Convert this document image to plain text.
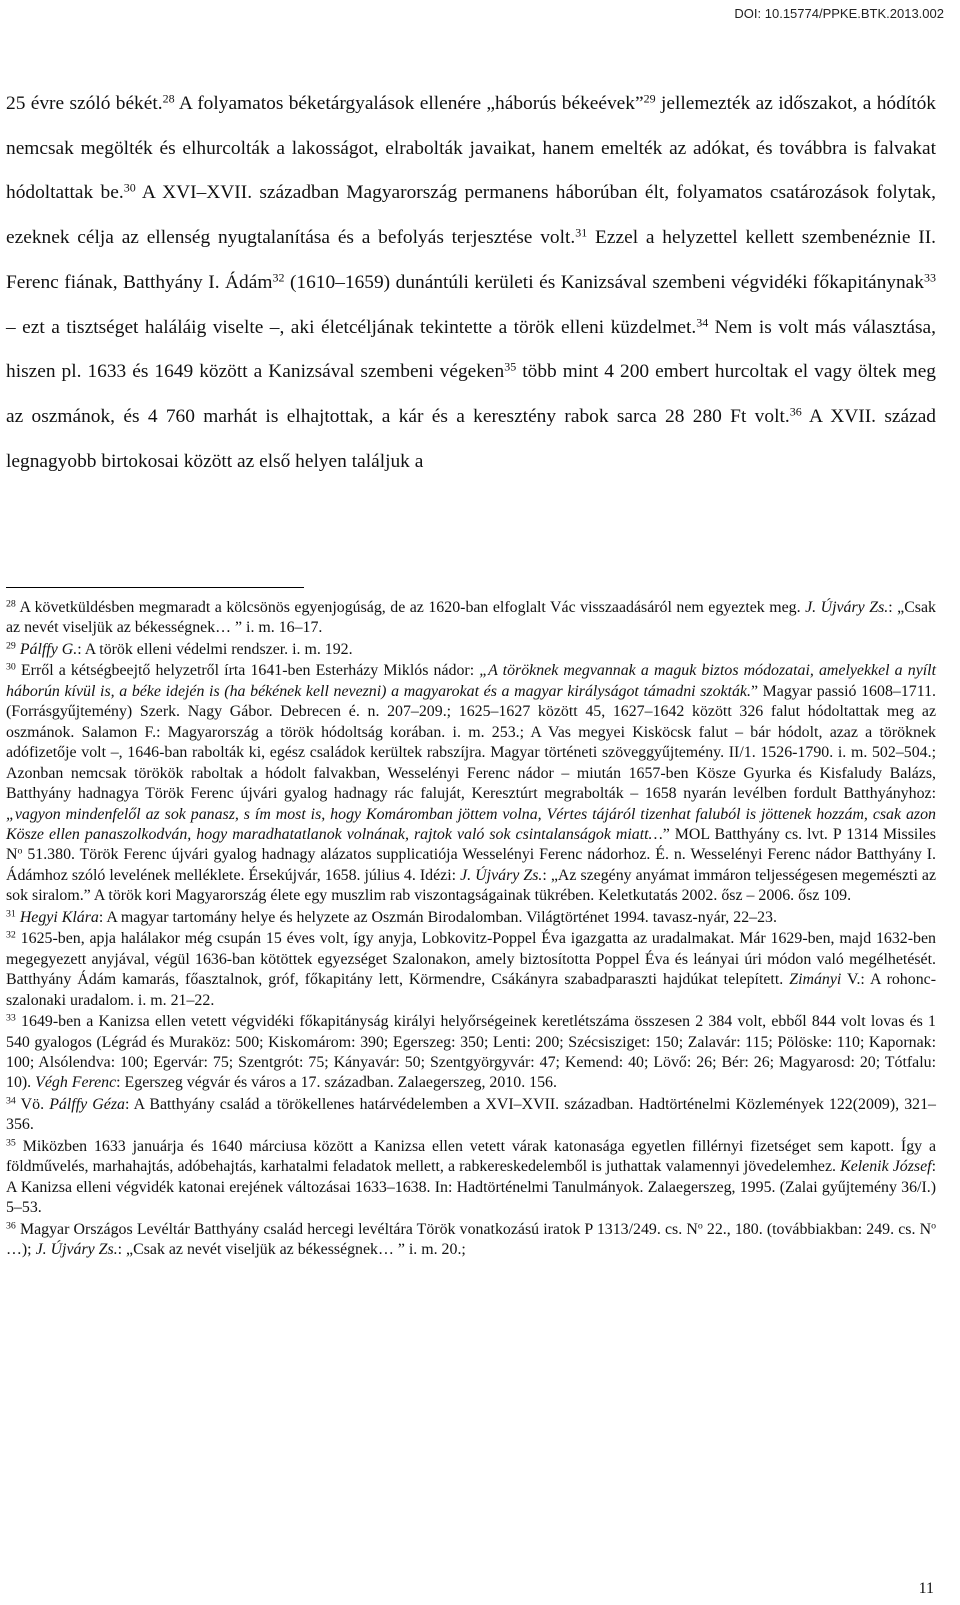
DOI: 10.15774/PPKE.BTK.2013.002
25 évre szóló békét.$^{28}$ A folyamatos béketárgyalások ellenére „háborús békeévek”$^{29}$ jellemezték az időszakot, a hódítók nemcsak megölték és elhurcolták a lakosságot, elrabolták javaikat, hanem emelték az adókat, és továbbra is falvakat hódoltattak be.$^{30}$ A XVI–XVII. században Magyarország permanens háborúban élt, folyamatos csatározások folytak, ezeknek célja az ellenség nyugtalanítása és a befolyás terjesztése volt.$^{31}$ Ezzel a helyzettel kellett szembenéznie II. Ferenc fiának, Batthyány I. Ádám$^{32}$ (1610–1659) dunántúli kerületi és Kanizsával szembeni végvidéki főkapitánynak$^{33}$ – ezt a tisztséget haláláig viselte –, aki életcéljának tekintette a török elleni küzdelmet.$^{34}$ Nem is volt más választása, hiszen pl. 1633 és 1649 között a Kanizsával szembeni végeken$^{35}$ több mint 4 200 embert hurcoltak el vagy öltek meg az oszmánok, és 4 760 marhát is elhajtottak, a kár és a keresztény rabok sarca 28 280 Ft volt.$^{36}$ A XVII. század legnagyobb birtokosai között az első helyen találjuk a

$^{28}$ A követküldésben megmaradt a kölcsönös egyenjogúság, de az 1620-ban elfoglalt Vác visszaadásáról nem egyeztek meg. J. Újváry Zs.: „Csak az nevét viseljük az békességnek… ” i. m. 16–17.

$^{29}$ Pálffy G.: A török elleni védelmi rendszer. i. m. 192.

$^{30}$ Erről a kétségbeejtő helyzetről írta 1641-ben Esterházy Miklós nádor: „A töröknek megvannak a maguk biztos módozatai, amelyekkel a nyílt háborún kívül is, a béke idején is (ha békének kell nevezni) a magyarokat és a magyar királyságot támadni szokták.” Magyar passió 1608–1711. (Forrásgyűjtemény) Szerk. Nagy Gábor. Debrecen é. n. 207–209.; 1625–1627 között 45, 1627–1642 között 326 falut hódoltattak meg az oszmánok. Salamon F.: Magyarország a török hódoltság korában. i. m. 253.; A Vas megyei Kisköcsk falut – bár hódolt, azaz a töröknek adófizetője volt –, 1646-ban rabolták ki, egész családok kerültek rabszíjra. Magyar történeti szöveggyűjtemény. II/1. 1526-1790. i. m. 502–504.; Azonban nemcsak törökök raboltak a hódolt falvakban, Wesselényi Ferenc nádor – miután 1657-ben Kösze Gyurka és Kisfaludy Balázs, Batthyány hadnagya Török Ferenc újvári gyalog hadnagy rác faluját, Keresztúrt megrabolták – 1658 nyarán levélben fordult Batthyányhoz: „vagyon mindenfelől az sok panasz, s ím most is, hogy Komáromban jöttem volna, Vértes tájáról tizenhat faluból is jöttenek hozzám, csak azon Kösze ellen panaszolkodván, hogy maradhatatlanok volnának, rajtok való sok csintalanságok miatt…” MOL Batthyány cs. lvt. P 1314 Missiles $N^o$ 51.380. Török Ferenc újvári gyalog hadnagy alázatos supplicatiója Wesselényi Ferenc nádorhoz. É. n. Wesselényi Ferenc nádor Batthyány I. Ádámhoz szóló levelének melléklete. Érsekújvár, 1658. július 4. Idézi: J. Újváry Zs.: „Az szegény anyámat immáron teljességesen megemészti az sok siralom.” A török kori Magyarország élete egy muszlim rab viszontagságainak tükrében. Keletkutatás 2002. ősz – 2006. ősz 109.

$^{31}$ Hegyi Klára: A magyar tartomány helye és helyzete az Oszmán Birodalomban. Világtörténet 1994. tavasz-nyár, 22–23.

$^{32}$ 1625-ben, apja halálakor még csupán 15 éves volt, így anyja, Lobkovitz-Poppel Éva igazgatta az uradalmakat. Már 1629-ben, majd 1632-ben megegyezett anyjával, végül 1636-ban kötöttek egyezséget Szalonakon, amely biztosította Poppel Éva és leányai úri módon való megélhetését. Batthyány Ádám kamarás, főasztalnok, gróf, főkapitány lett, Körmendre, Csákányra szabadparaszti hajdúkat telepített. Zimányi V.: A rohonc-szalonaki uradalom. i. m. 21–22.

$^{33}$ 1649-ben a Kanizsa ellen vetett végvidéki főkapitányság királyi helyőrségeinek keretlétszáma összesen 2 384 volt, ebből 844 volt lovas és 1 540 gyalogos (Légrád és Muraköz: 500; Kiskomárom: 390; Egerszeg: 350; Lenti: 200; Szécsisziget: 150; Zalavár: 115; Pölöske: 110; Kapornak: 100; Alsólendva: 100; Egervár: 75; Szentgrót: 75; Kányavár: 50; Szentgyörgyvár: 47; Kemend: 40; Lövő: 26; Bér: 26; Magyarosd: 20; Tótfalu: 10). Végh Ferenc: Egerszeg végvár és város a 17. században. Zalaegerszeg, 2010. 156.

$^{34}$ Vö. Pálffy Géza: A Batthyány család a törökellenes határvédelemben a XVI–XVII. században. Hadtörténelmi Közlemények 122(2009), 321–356.

$^{35}$ Miközben 1633 januárja és 1640 márciusa között a Kanizsa ellen vetett várak katonasága egyetlen fillérnyi fizetséget sem kapott. Így a földművelés, marhahajtás, adóbehajtás, karhatalmi feladatok mellett, a rabkereskedelemből is juthattak valamennyi jövedelemhez. Kelenik József: A Kanizsa elleni végvidék katonai erejének változásai 1633–1638. In: Hadtörténelmi Tanulmányok. Zalaegerszeg, 1995. (Zalai gyűjtemény 36/I.) 5–53.

$^{36}$ Magyar Országos Levéltár Batthyány család hercegi levéltára Török vonatkozású iratok P 1313/249. cs. $N^o$ 22., 180. (továbbiakban: 249. cs. $N^o$ …); J. Újváry Zs.: „Csak az nevét viseljük az békességnek… ” i. m. 20.;

11
